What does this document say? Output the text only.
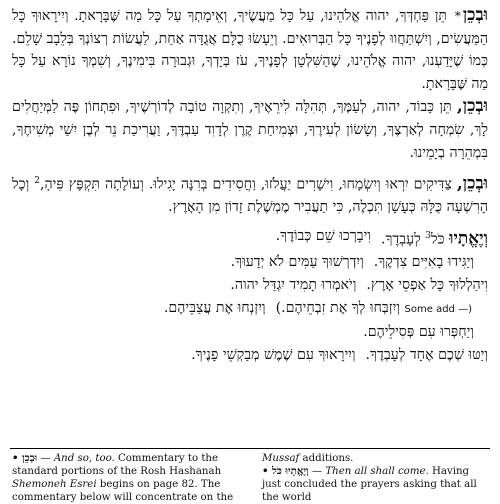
וּבְכֵן* תֵּן פַּחְדְּךָ, יהוה אֱלֹהֵינוּ, עַל כָּל מַעֲשֶׂיךָ, וְאֵימָתְךָ עַל כָּל מַה שֶּׁבָּרָאתָ. וְיִירָאוּךָ כָּל הַמַּעֲשִׂים, וְיִשְׁתַּחֲווּ לְפָנֶיךָ כָּל הַבְּרוּאִים. וְיֵעָשׂוּ כֻלָּם אֲגֻדָּה אַחַת, לַעֲשׂוֹת רְצוֹנְךָ בְּלֵבָב שָׁלֵם. כְּמוֹ שֶׁיָּדַעְנוּ, יהוה אֱלֹהֵינוּ, שֶׁהַשִּׁלְטָן לְפָנֶיךָ, עֹז בְּיָדְךָ, וּגְבוּרָה בִּימִינֶךָ, וְשִׁמְךָ נוֹרָא עַל כָּל מַה שֶּׁבָּרָאתָ.

וּבְכֵן, תֵּן כָּבוֹד, יהוה, לְעַמֶּךָ, תְּהִלָּה לִירֵאֶיךָ, וְתִקְוָה טוֹבָה לְדוֹרְשֶׁיךָ, וּפִתְחוֹן פֶּה לַמְּיַחֲלִים לָךְ, שִׂמְחָה לְאַרְצֶךָ, וְשָׂשׂוֹן לְעִירֶךָ, וּצְמִיחַת קֶרֶן לְדָוִד עַבְדֶּךָ, וַעֲרִיכַת נֵר לְבֶן יִשַׁי מְשִׁיחֶךָ, בִּמְהֵרָה בְיָמֵינוּ.

וּבְכֵן, צַדִּיקִים יִרְאוּ וְיִשְׂמָחוּ, וִישָׁרִים יַעֲלֹזוּ, וַחֲסִידִים בְּרִנָּה יָגִילוּ. וְעוֹלָתָה תִּקְפָּץ פִּיהָ,$^2$ וְכָל הָרִשְׁעָה כֻּלָּהּ כְּעָשָׁן תִּכְלֶה, כִּי תַעֲבִיר מֶמְשֶׁלֶת זָדוֹן מִן הָאָרֶץ.

וְיֶאֱתָיוּ כֹּל$^3$ לְעָבְדֶךָ.
וִיבָרְכוּ שֵׁם כְּבוֹדֶךָ.
וְיַגִּידוּ בָאִיִּים צִדְקֶךָ.
וְיִדְרְשׁוּךָ עַמִּים לֹא יְדָעוּךָ.
וִיהַלְלוּךָ כָּל אַפְסֵי אָרֶץ.
וְיֹאמְרוּ תָמִיד יִגְדַּל יהוה.
(— Some add וְיִזְבְּחוּ לְךָ אֶת זִבְחֵיהֶם.)
וְיִזְנְחוּ אֶת עֲצַבֵּיהֶם.
וְיַחְפְּרוּ עִם פְּסִילֵיהֶם.
וְיַטּוּ שְׁכֶם אֶחָד לְעָבְדֶךָ.
וְיִירָאוּךָ עִם שֶׁמֶשׁ מְבַקְשֵׁי פָנֶיךָ.
וּבְכֵן • — And so, too. Commentary to the standard portions of the Rosh Hashanah Shemoneh Esrei begins on page 82. The commentary below will concentrate on the
Mussaf additions.
וְיֶאֱתָיוּ כֹּל • — Then all shall come. Having just concluded the prayers asking that all the world
